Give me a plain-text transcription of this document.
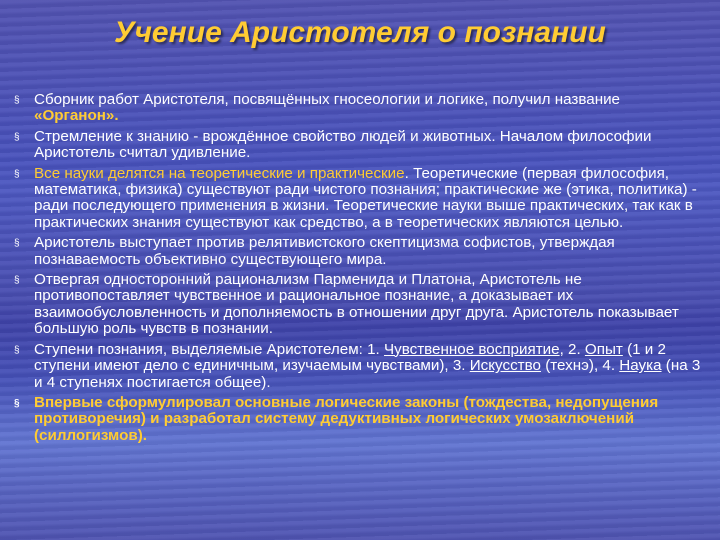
Учение Аристотеля о познании
§ Сборник работ Аристотеля, посвящённых гносеологии и логике, получил название «Органон».
§ Стремление к знанию - врождённое свойство людей и животных. Началом философии Аристотель считал удивление.
§ Все науки делятся на теоретические и практические. Теоретические (первая философия, математика, физика) существуют ради чистого познания; практические же (этика, политика) - ради последующего применения в жизни. Теоретические науки выше практических, так как в практических знания существуют как средство, а в теоретических являются целью.
§ Аристотель выступает против релятивистского скептицизма софистов, утверждая познаваемость объективно существующего мира.
§ Отвергая односторонний рационализм Парменида и Платона, Аристотель не противопоставляет чувственное и рациональное познание, а доказывает их взаимообусловленность и дополняемость в отношении друг друга. Аристотель показывает большую роль чувств в познании.
§ Ступени познания, выделяемые Аристотелем: 1. Чувственное восприятие, 2. Опыт (1 и 2 ступени имеют дело с единичным, изучаемым чувствами), 3. Искусство (технэ), 4. Наука (на 3 и 4 ступенях постигается общее).
§ Впервые сформулировал основные логические законы (тождества, недопущения противоречия) и разработал систему дедуктивных логических умозаключений (силлогизмов).
